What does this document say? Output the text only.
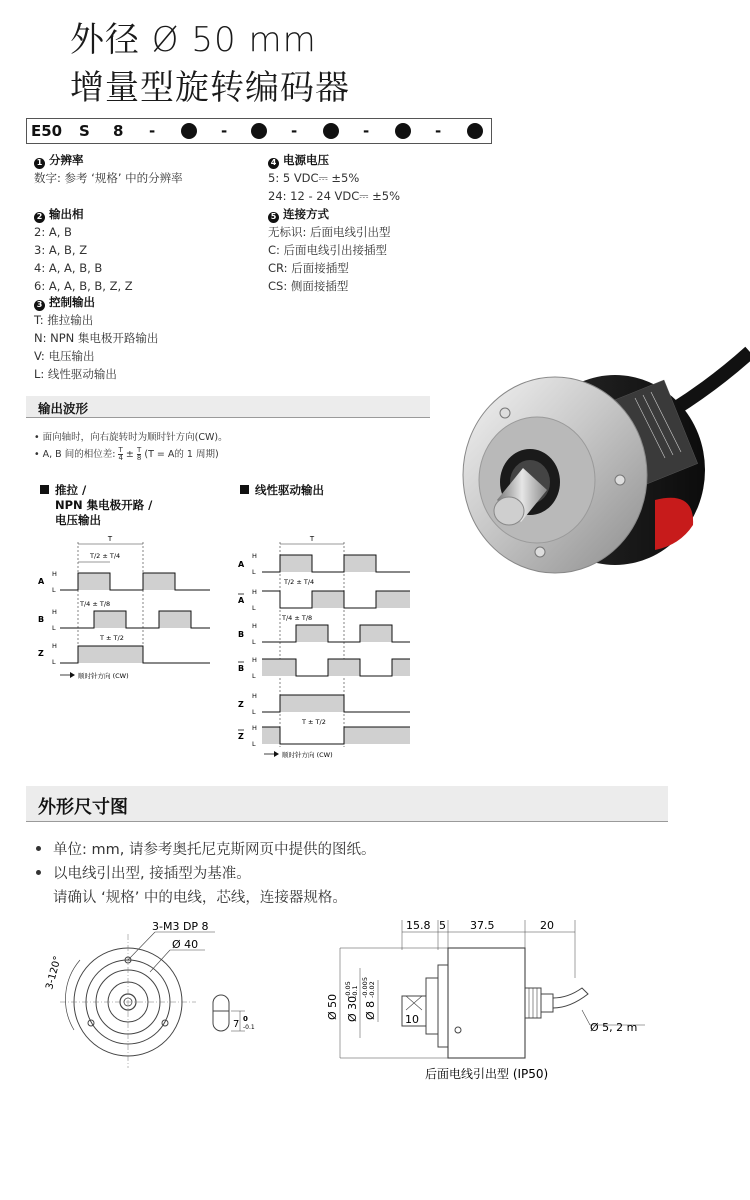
外径 Ø 50 mm
增量型旋转编码器
E50 S 8 - 1 - 2 - 3 - 4 - 5
1 分辨率
数字: 参考 ‘规格’ 中的分辨率
2 输出相
2: A, B
3: A, B, Z
4: A, A, B, B
6: A, A, B, B, Z, Z
3 控制输出
T: 推拉输出
N: NPN 集电极开路输出
V: 电压输出
L: 线性驱动输出
4 电源电压
5: 5 VDC⎓ ±5%
24: 12 - 24 VDC⎓ ±5%
5 连接方式
无标识: 后面电线引出型
C: 后面电线引出接插型
CR: 后面接插型
CS: 侧面接插型
输出波形
• 面向轴时，向右旋转时为顺时针方向(CW)。
• A, B 间的相位差: $\frac{T}{4} \pm \frac{T}{8} (T = A$的 1 周期)
推拉 /
NPN 集电极开路 /
电压输出
线性驱动输出
T
T/2 ± T/4
A
H
L
B
H
L
T/4 ± T/8
Z
H
L
T ± T/2
顺时针方向 (CW)
T
A
H
L
A
H
L
T/2 ± T/4
B
H
L
T/4 ± T/8
B
H
L
Z
H
L
Z
H
L
T ± T/2
顺时针方向 (CW)
外形尺寸图
单位: mm, 请参考奥托尼克斯网页中提供的图纸。
以电线引出型, 接插型为基准。
请确认 ‘规格’ 中的电线，芯线，连接器规格。
3-M3 DP 8
Ø 40
3-120°
7 0
-0.1
15.8 5 37.5	20
Ø 50 Ø 30
-0.05 -0.1
Ø 8
-0.005 -0.02
10
Ø 5, 2 m
后面电线引出型 (IP50)
